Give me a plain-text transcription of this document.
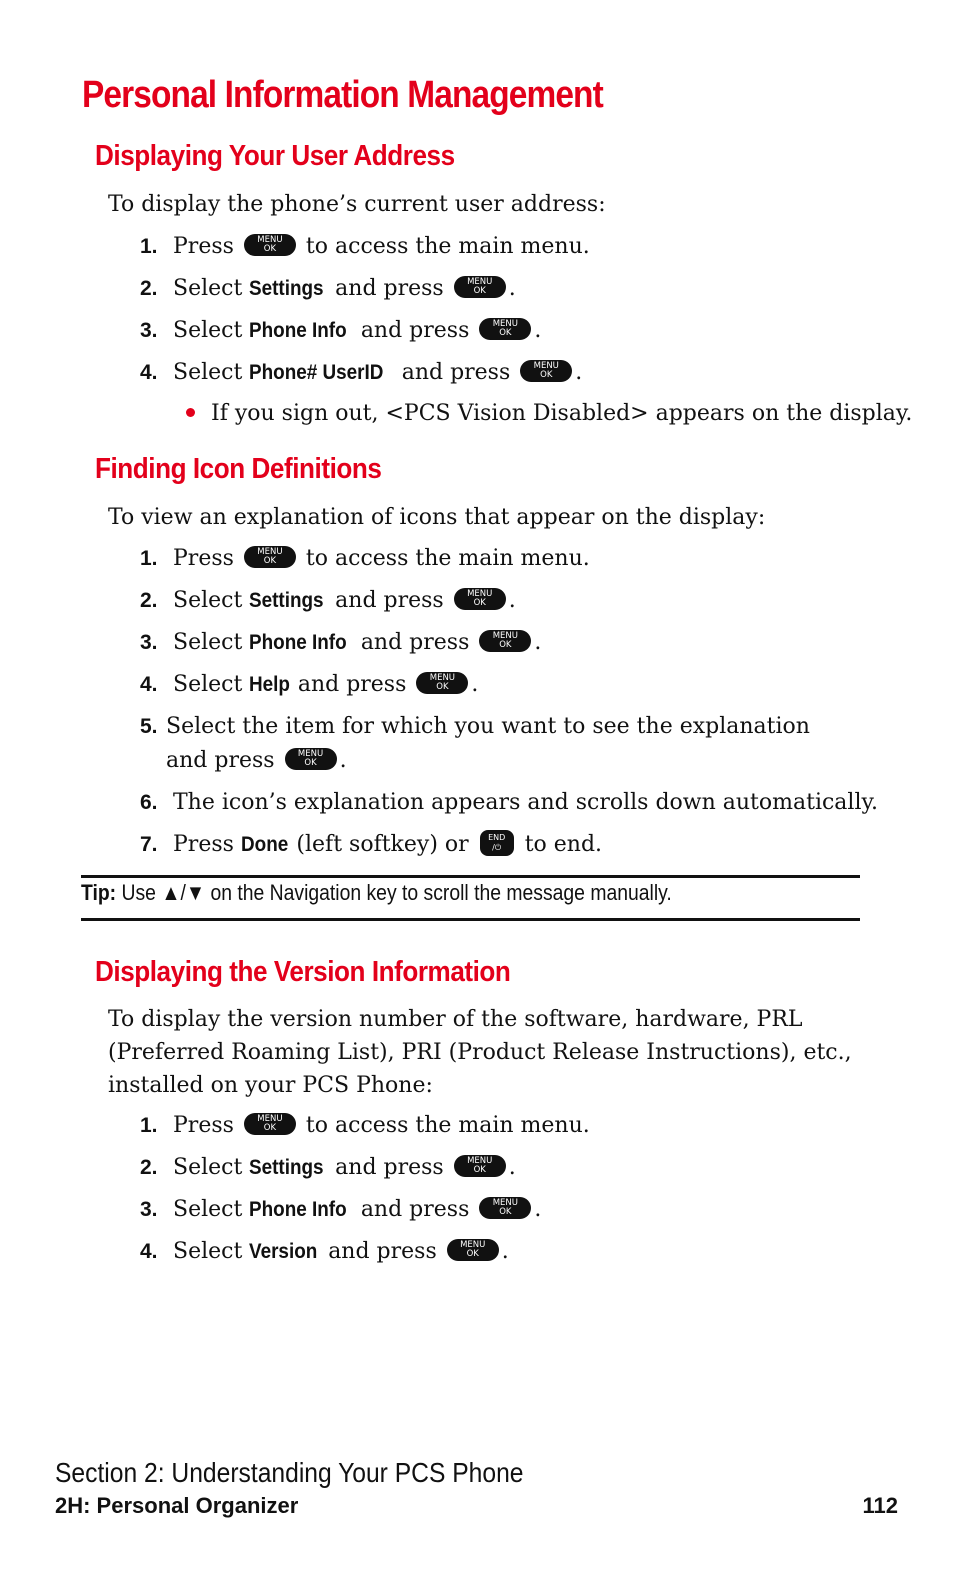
Personal Information Management
Displaying Your User Address

To display the phone’s current user address:

1. Press	MENU
OK	to access the main menu.
2. Select Settings and press	MENU
OK	.
3. Select Phone Info and press	MENU
OK	.
4. Select Phone# UserID and press	MENU
OK	.
If you sign out, <PCS Vision Disabled> appears on the display.
Finding Icon Definitions

To view an explanation of icons that appear on the display:

1. Press	MENU
OK	to access the main menu.
2. Select Settings and press	MENU
OK	.
3. Select Phone Info and press	MENU
OK	.
4. Select Help and press	MENU
OK	.
5. Select the item for which you want to see the explanation and press	MENU
OK	.
6. The icon’s explanation appears and scrolls down automatically.
7. Press Done (left softkey) or	END
/⏻	to end.
Tip: Use ▲/▼ on the Navigation key to scroll the message manually.
Displaying the Version Information

To display the version number of the software, hardware, PRL (Preferred Roaming List), PRI (Product Release Instructions), etc., installed on your PCS Phone:

1. Press	MENU
OK	to access the main menu.
2. Select Settings and press	MENU
OK	.
3. Select Phone Info and press	MENU
OK	.
4. Select Version and press	MENU
OK	.
Section 2: Understanding Your PCS Phone
2H: Personal Organizer	112
